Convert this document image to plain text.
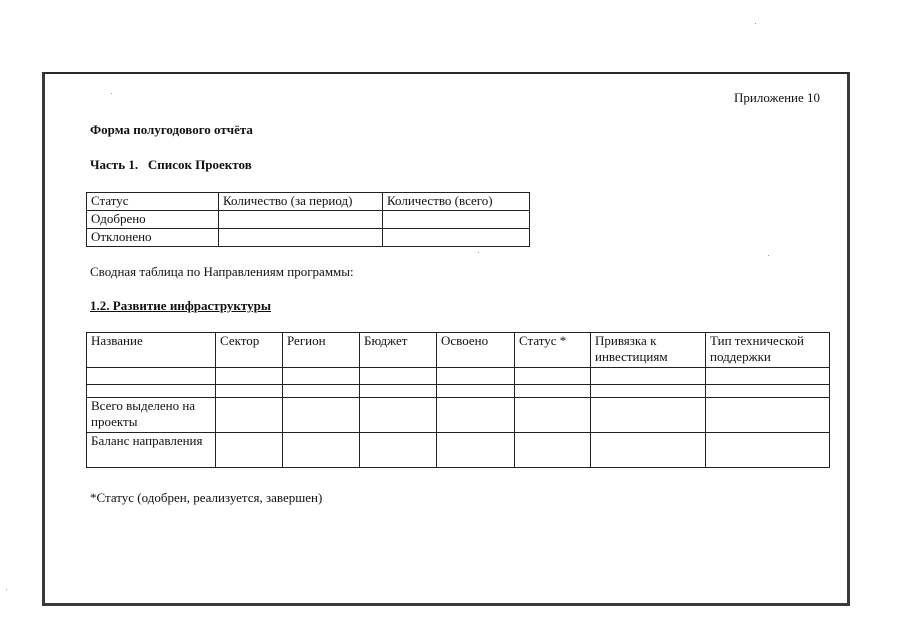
Приложение 10
Форма полугодового отчёта
Часть 1.   Список Проектов
Статус	Количество (за период)	Количество (всего)
Одобрено		
Отклонено		
Сводная таблица по Направлениям программы:
1.2. Развитие инфраструктуры
Название	Сектор	Регион	Бюджет	Освоено	Статус *	Привязка к инвестициям	Тип технической поддержки

Всего выделено на проекты							
Баланс направления							
*Статус (одобрен, реализуется, завершен)
